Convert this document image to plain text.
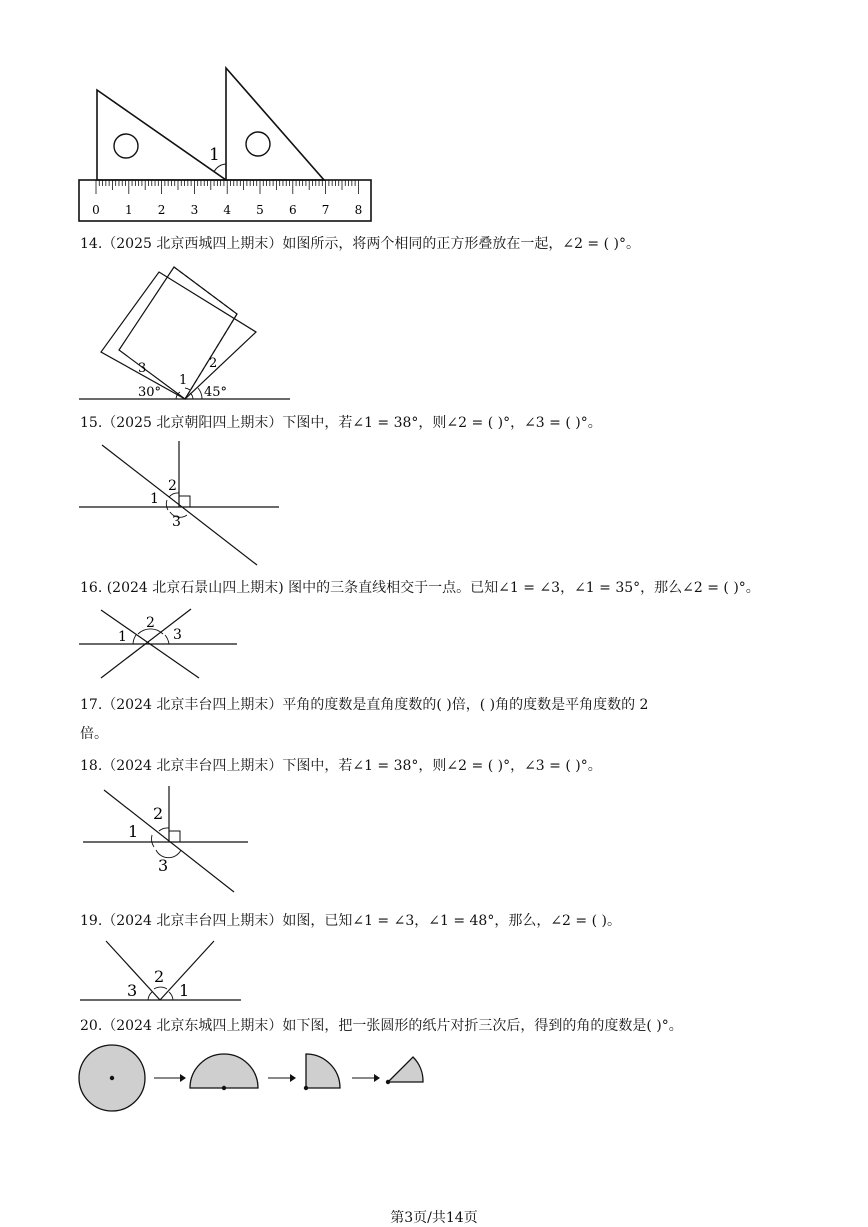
1
0 1 2 3 4 5 6 7 8
14.（2025 北京西城四上期末）如图所示，将两个相同的正方形叠放在一起，∠2 = ( )°。
3
1
2
30°	45°
15.（2025 北京朝阳四上期末）下图中，若∠1 = 38°，则∠2 = ( )°，∠3 = ( )°。
1
2
3
16. (2024 北京石景山四上期末) 图中的三条直线相交于一点。已知∠1 = ∠3，∠1 = 35°，那么∠2 = ( )°。
1
2
3
17.（2024 北京丰台四上期末）平角的度数是直角度数的( )倍，( )角的度数是平角度数的 2
倍。
18.（2024 北京丰台四上期末）下图中，若∠1 = 38°，则∠2 = ( )°，∠3 = ( )°。
1
2
3
19.（2024 北京丰台四上期末）如图，已知∠1 = ∠3，∠1 = 48°，那么，∠2 = ( )。
3
2
1
20.（2024 北京东城四上期末）如下图，把一张圆形的纸片对折三次后，得到的角的度数是( )°。
第3页/共14页
